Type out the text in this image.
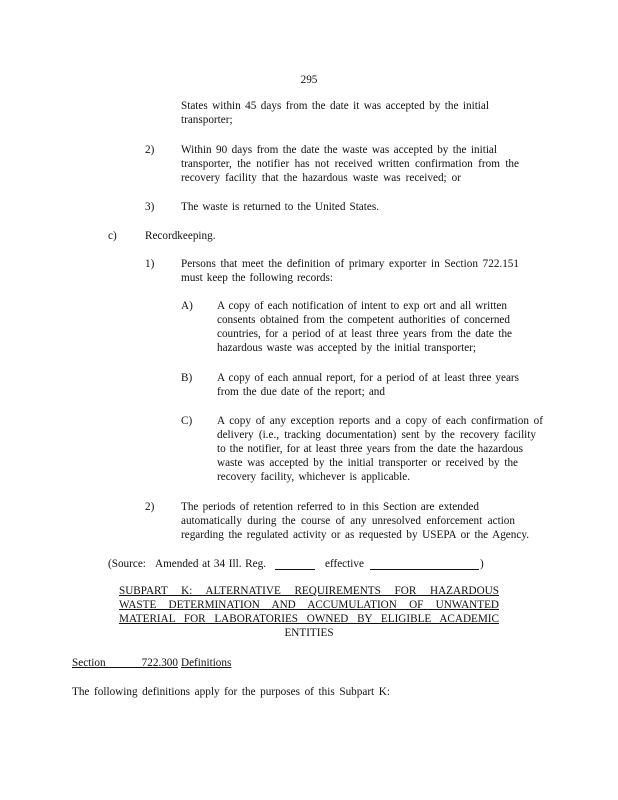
295
States within 45 days from the date it was accepted by the initial
transporter;
2) Within 90 days from the date the waste was accepted by the initial
transporter, the notifier has not received written confirmation from the
recovery facility that the hazardous waste was received; or
3) The waste is returned to the United States.
c)	Recordkeeping.
1) Persons that meet the definition of primary exporter in Section 722.151
must keep the following records:
A) A copy of each notification of intent to exp ort and all written
consents obtained from the competent authorities of concerned
countries, for a period of at least three years from the date the
hazardous waste was accepted by the initial transporter;
B) A copy of each annual report, for a period of at least three years
from the due date of the report; and
C) A copy of any exception reports and a copy of each confirmation of
delivery (i.e., tracking documentation) sent by the recovery facility
to the notifier, for at least three years from the date the hazardous
waste was accepted by the initial transporter or received by the
recovery facility, whichever is applicable.
2) The periods of retention referred to in this Section are extended
automatically during the course of any unresolved enforcement action
regarding the regulated activity or as requested by USEPA or the Agency.
(Source: Amended at 34 Ill. Reg.	effective	)
SUBPART K: ALTERNATIVE REQUIREMENTS FOR HAZARDOUS
WASTE DETERMINATION AND ACCUMULATION OF UNWANTED
MATERIAL FOR LABORATORIES OWNED BY ELIGIBLE ACADEMIC
ENTITIES
Section 722.300 Definitions
The following definitions apply for the purposes of this Subpart K:
